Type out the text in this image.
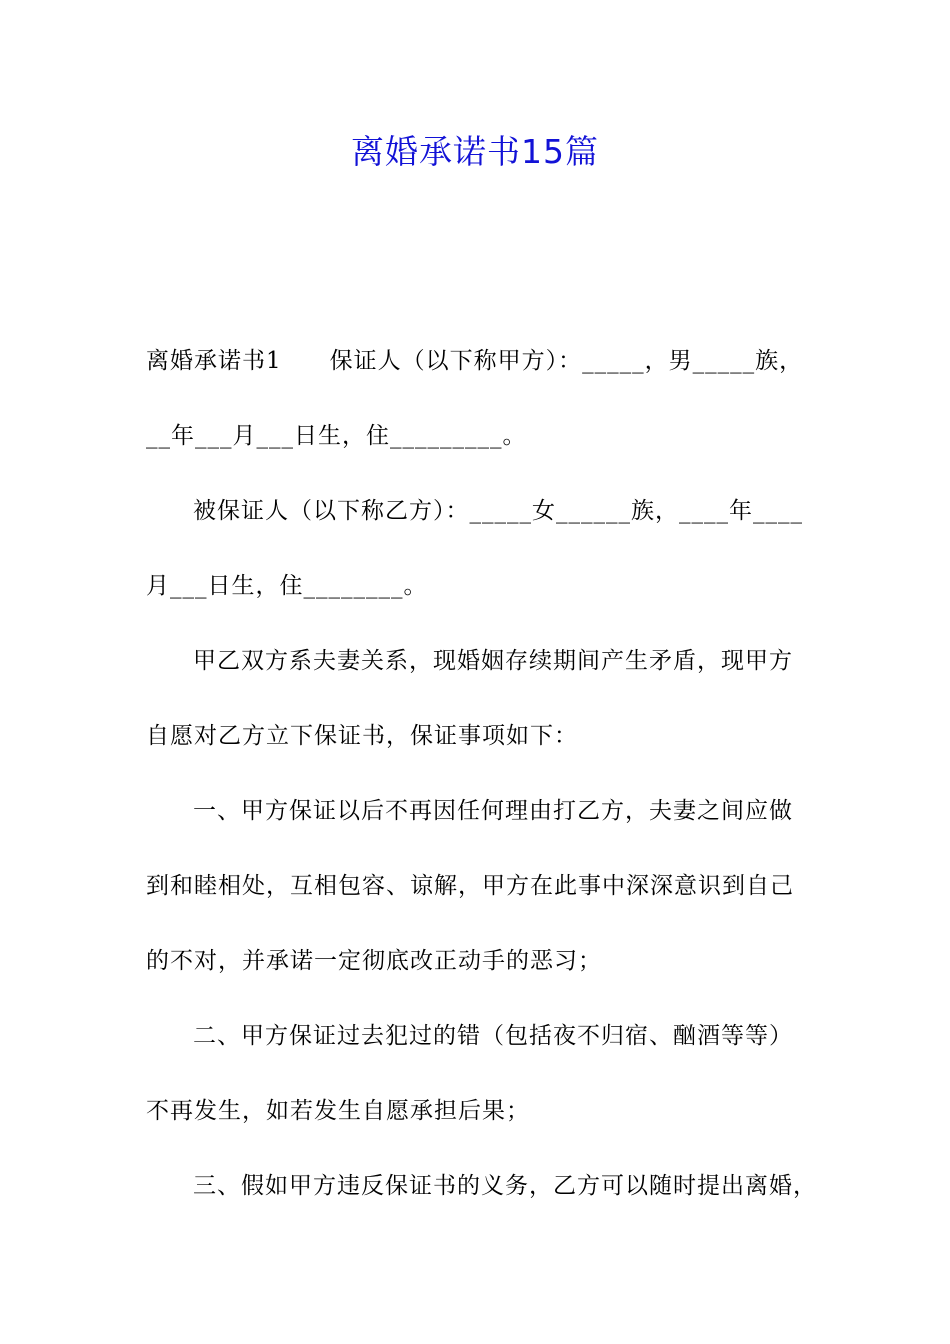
离婚承诺书15篇
离婚承诺书1　　保证人（以下称甲方）：_____，男_____族，
__年___月___日生，住_________。
被保证人（以下称乙方）：_____女______族，____年____
月___日生，住________。
甲乙双方系夫妻关系，现婚姻存续期间产生矛盾，现甲方
自愿对乙方立下保证书，保证事项如下：
一、甲方保证以后不再因任何理由打乙方，夫妻之间应做
到和睦相处，互相包容、谅解，甲方在此事中深深意识到自己
的不对，并承诺一定彻底改正动手的恶习；
二、甲方保证过去犯过的错（包括夜不归宿、酗酒等等）
不再发生，如若发生自愿承担后果；
三、假如甲方违反保证书的义务，乙方可以随时提出离婚，
